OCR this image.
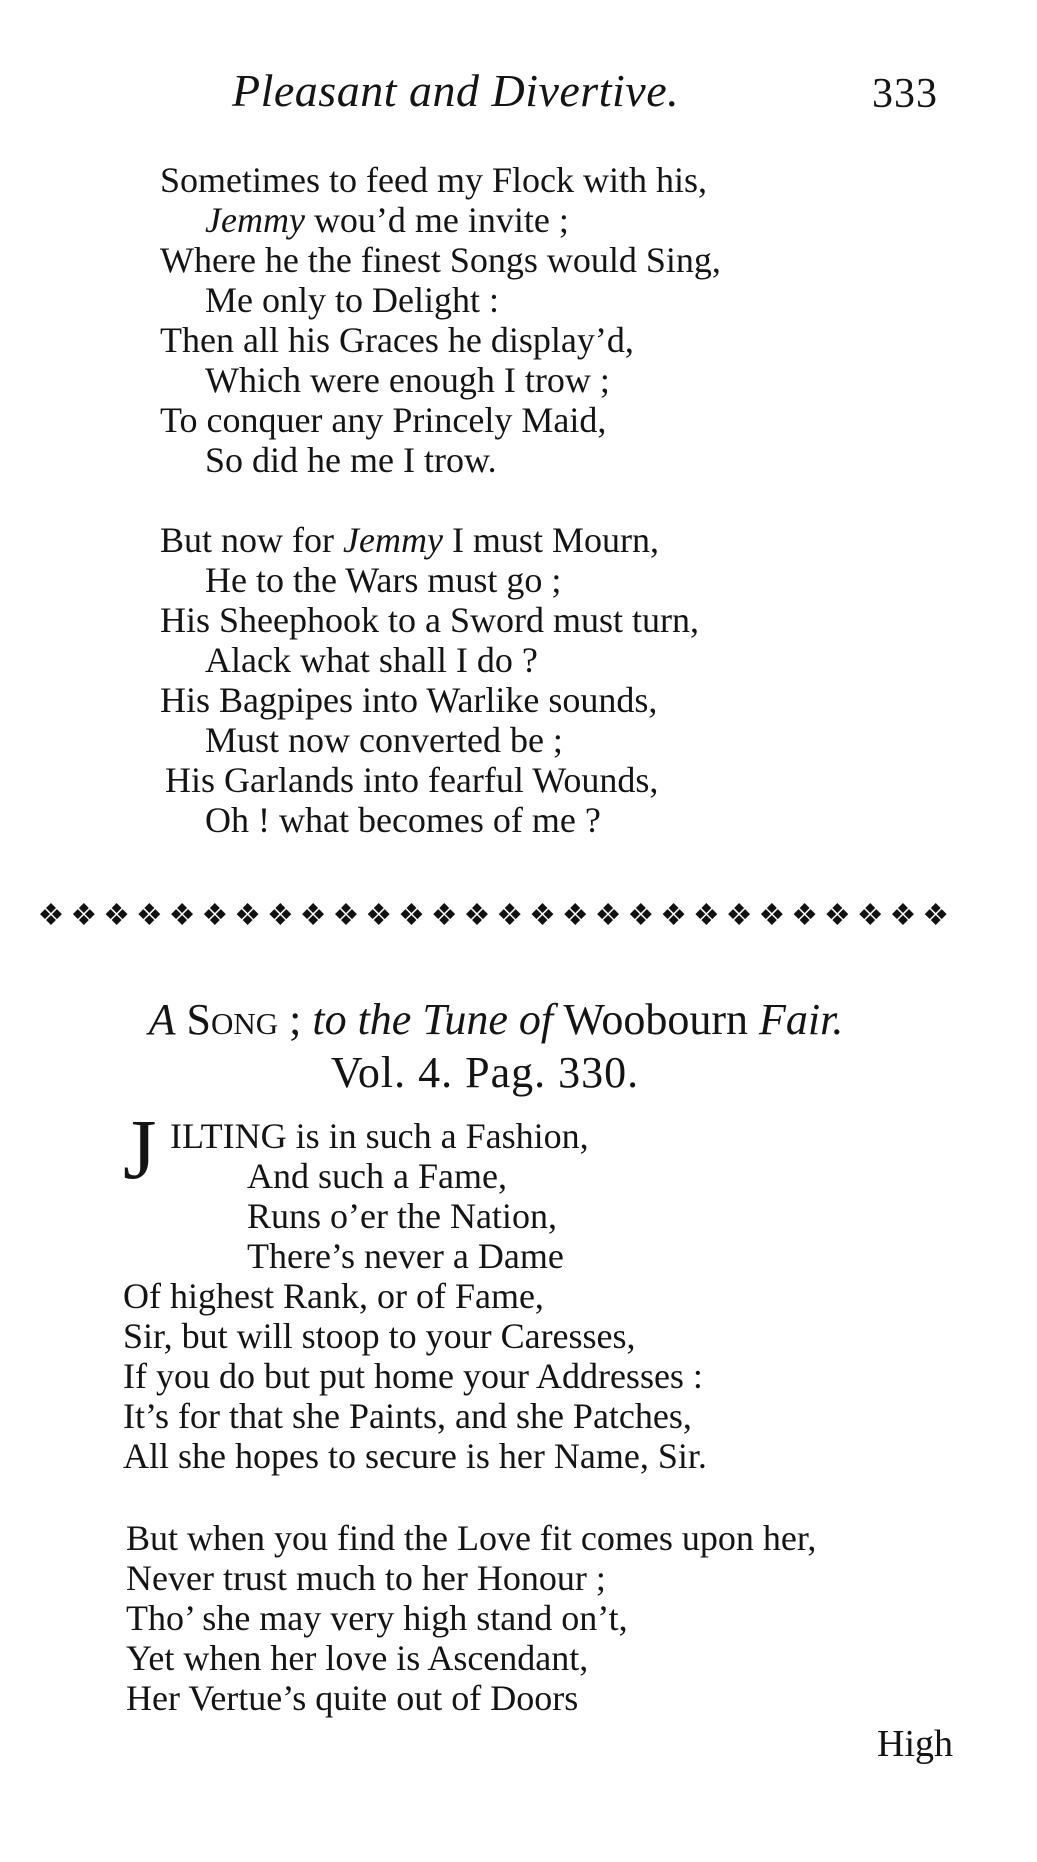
Pleasant and Divertive.	333
Sometimes to feed my Flock with his,
Jemmy wou’d me invite ;
Where he the finest Songs would Sing,
Me only to Delight :
Then all his Graces he display’d,
Which were enough I trow ;
To conquer any Princely Maid,
So did he me I trow.
But now for Jemmy I must Mourn,
He to the Wars must go ;
His Sheephook to a Sword must turn,
Alack what shall I do ?
His Bagpipes into Warlike sounds,
Must now converted be ;
His Garlands into fearful Wounds,
Oh ! what becomes of me ?
❖ ❖ ❖ ❖ ❖ ❖ ❖ ❖ ❖ ❖ ❖ ❖ ❖ ❖ ❖ ❖ ❖ ❖ ❖ ❖ ❖ ❖ ❖ ❖ ❖ ❖ ❖ ❖
A Song ; to the Tune of Woobourn Fair.
Vol. 4. Pag. 330.
J ILTING is in such a Fashion,
And such a Fame,
Runs o’er the Nation,
There’s never a Dame
Of highest Rank, or of Fame,
Sir, but will stoop to your Caresses,
If you do but put home your Addresses :
It’s for that she Paints, and she Patches,
All she hopes to secure is her Name, Sir.
But when you find the Love fit comes upon her,
Never trust much to her Honour ;
Tho’ she may very high stand on’t,
Yet when her love is Ascendant,
Her Vertue’s quite out of Doors
High
